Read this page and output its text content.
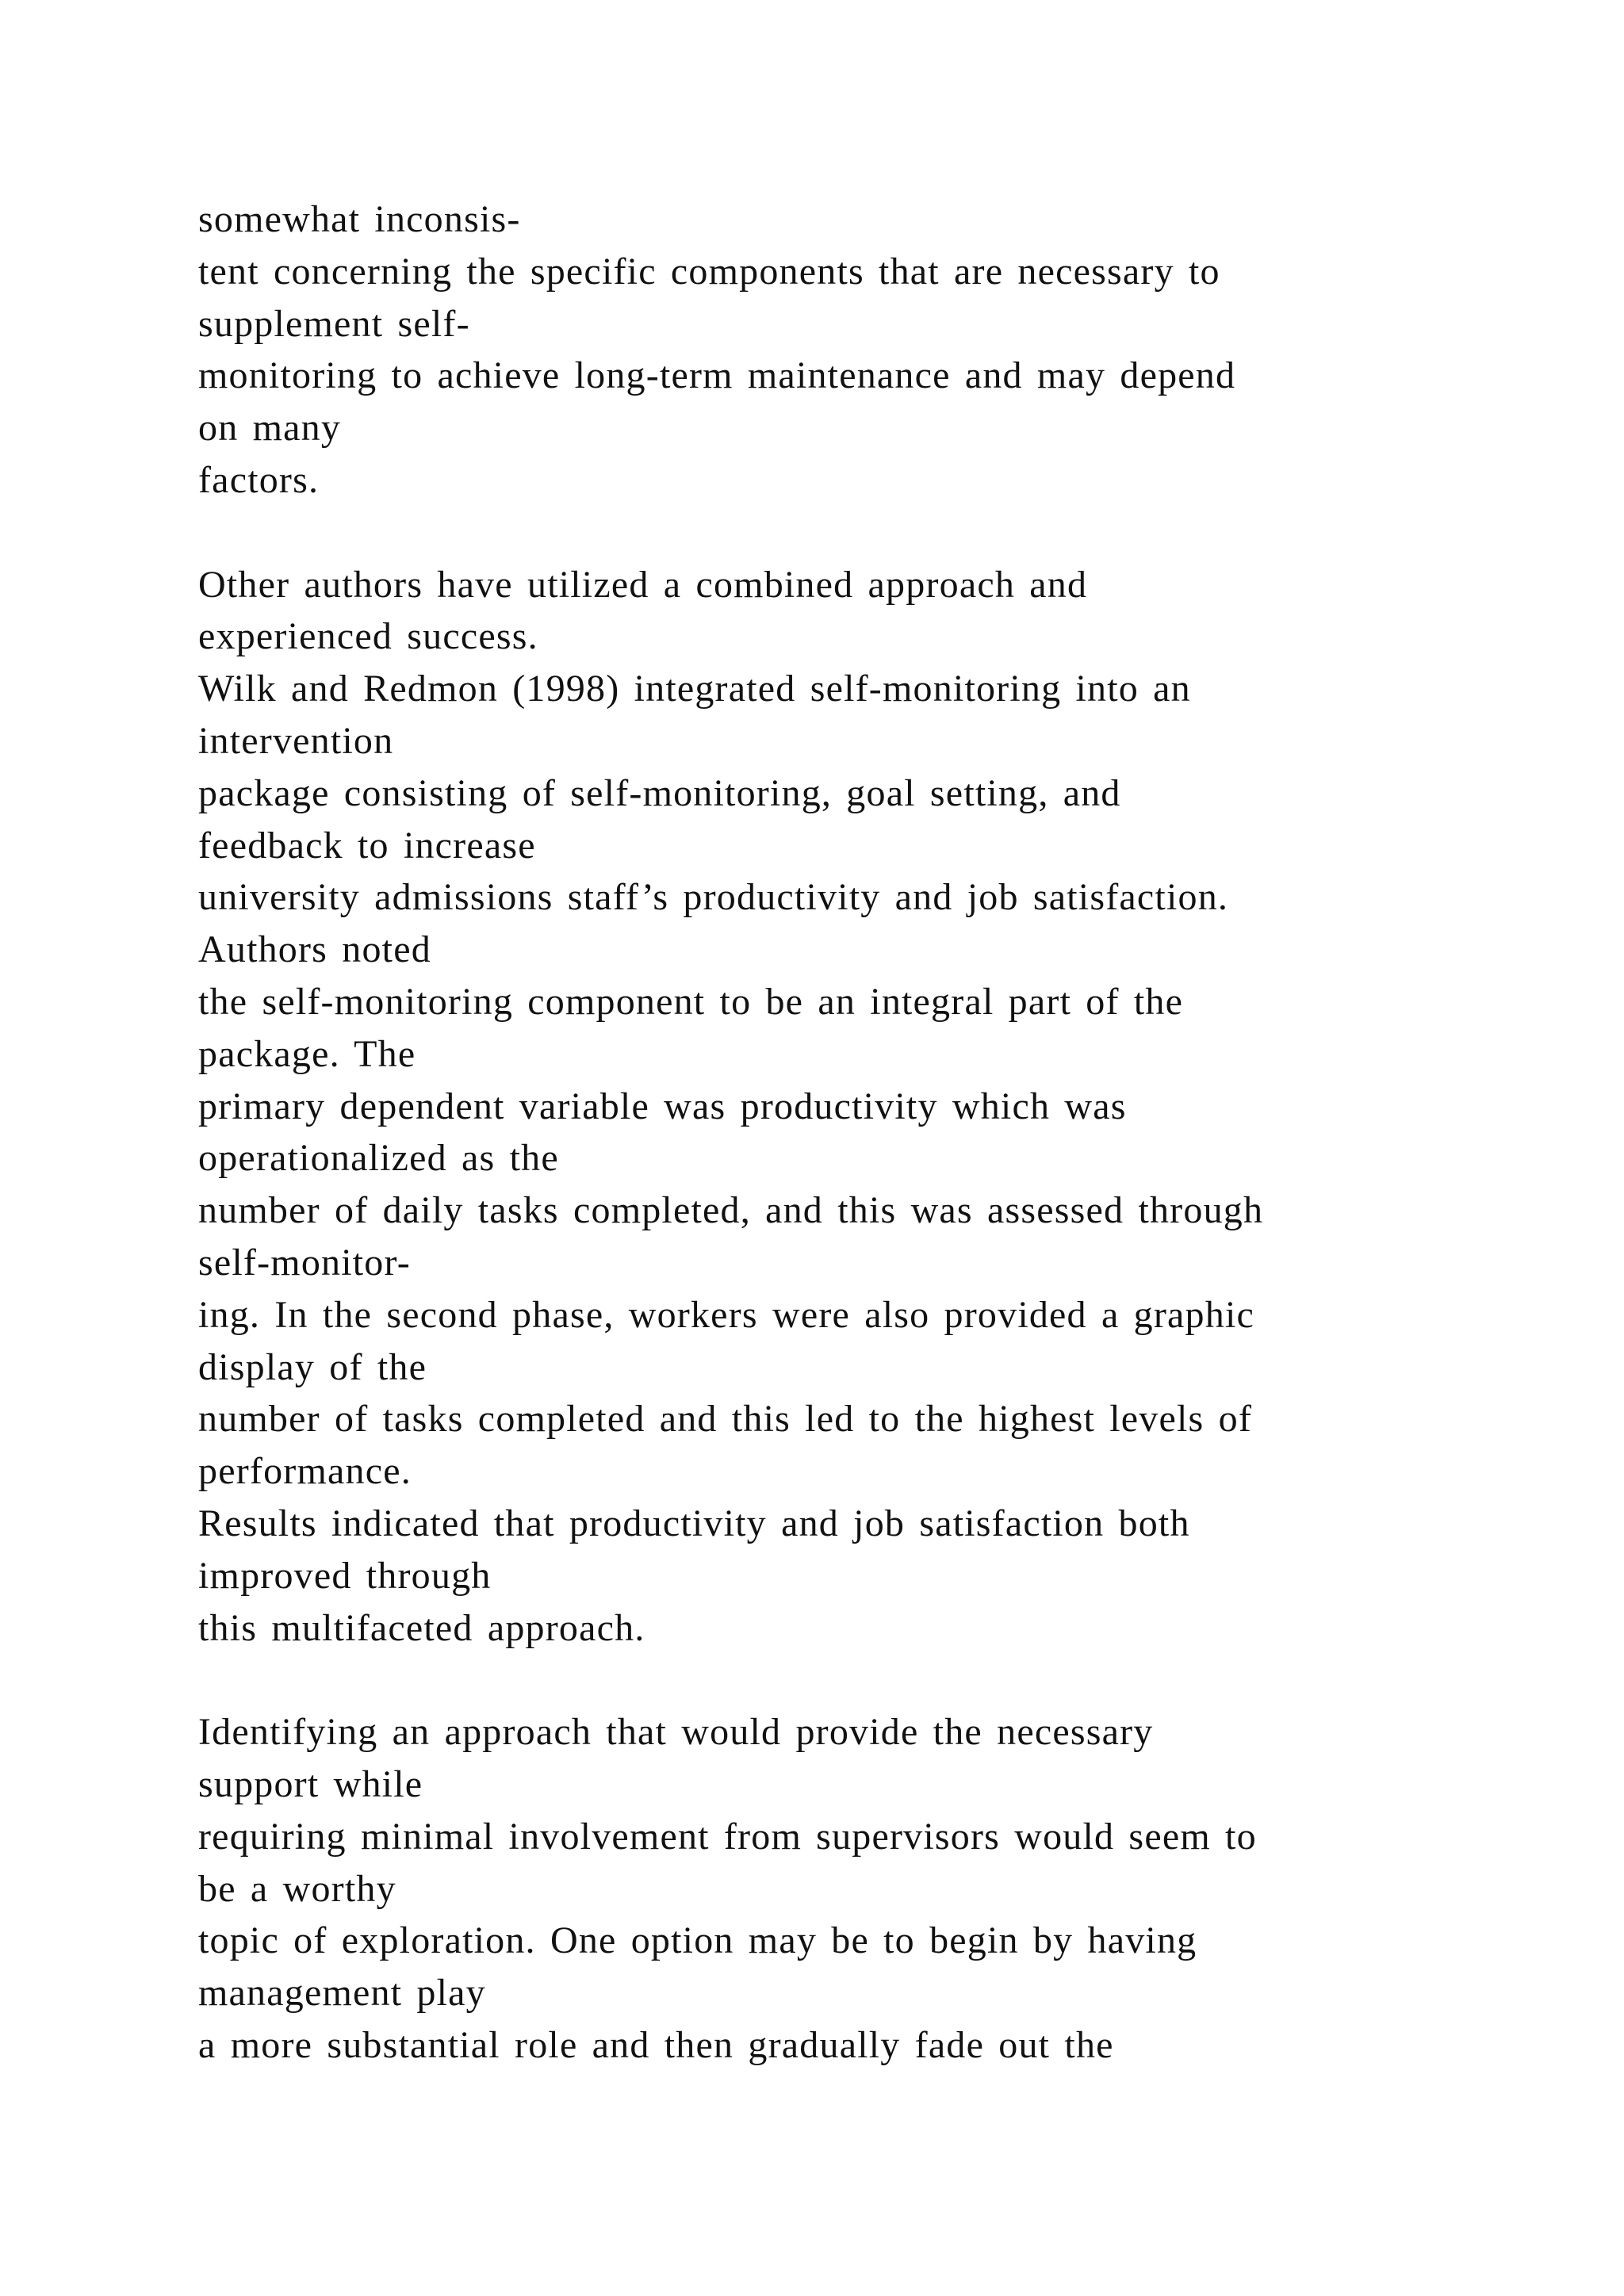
somewhat inconsis-
tent concerning the specific components that are necessary to
supplement self-
monitoring to achieve long-term maintenance and may depend
on many
factors.
Other authors have utilized a combined approach and
experienced success.
Wilk and Redmon (1998) integrated self-monitoring into an
intervention
package consisting of self-monitoring, goal setting, and
feedback to increase
university admissions staff’s productivity and job satisfaction.
Authors noted
the self-monitoring component to be an integral part of the
package. The
primary dependent variable was productivity which was
operationalized as the
number of daily tasks completed, and this was assessed through
self-monitor-
ing. In the second phase, workers were also provided a graphic
display of the
number of tasks completed and this led to the highest levels of
performance.
Results indicated that productivity and job satisfaction both
improved through
this multifaceted approach.
Identifying an approach that would provide the necessary
support while
requiring minimal involvement from supervisors would seem to
be a worthy
topic of exploration. One option may be to begin by having
management play
a more substantial role and then gradually fade out the
